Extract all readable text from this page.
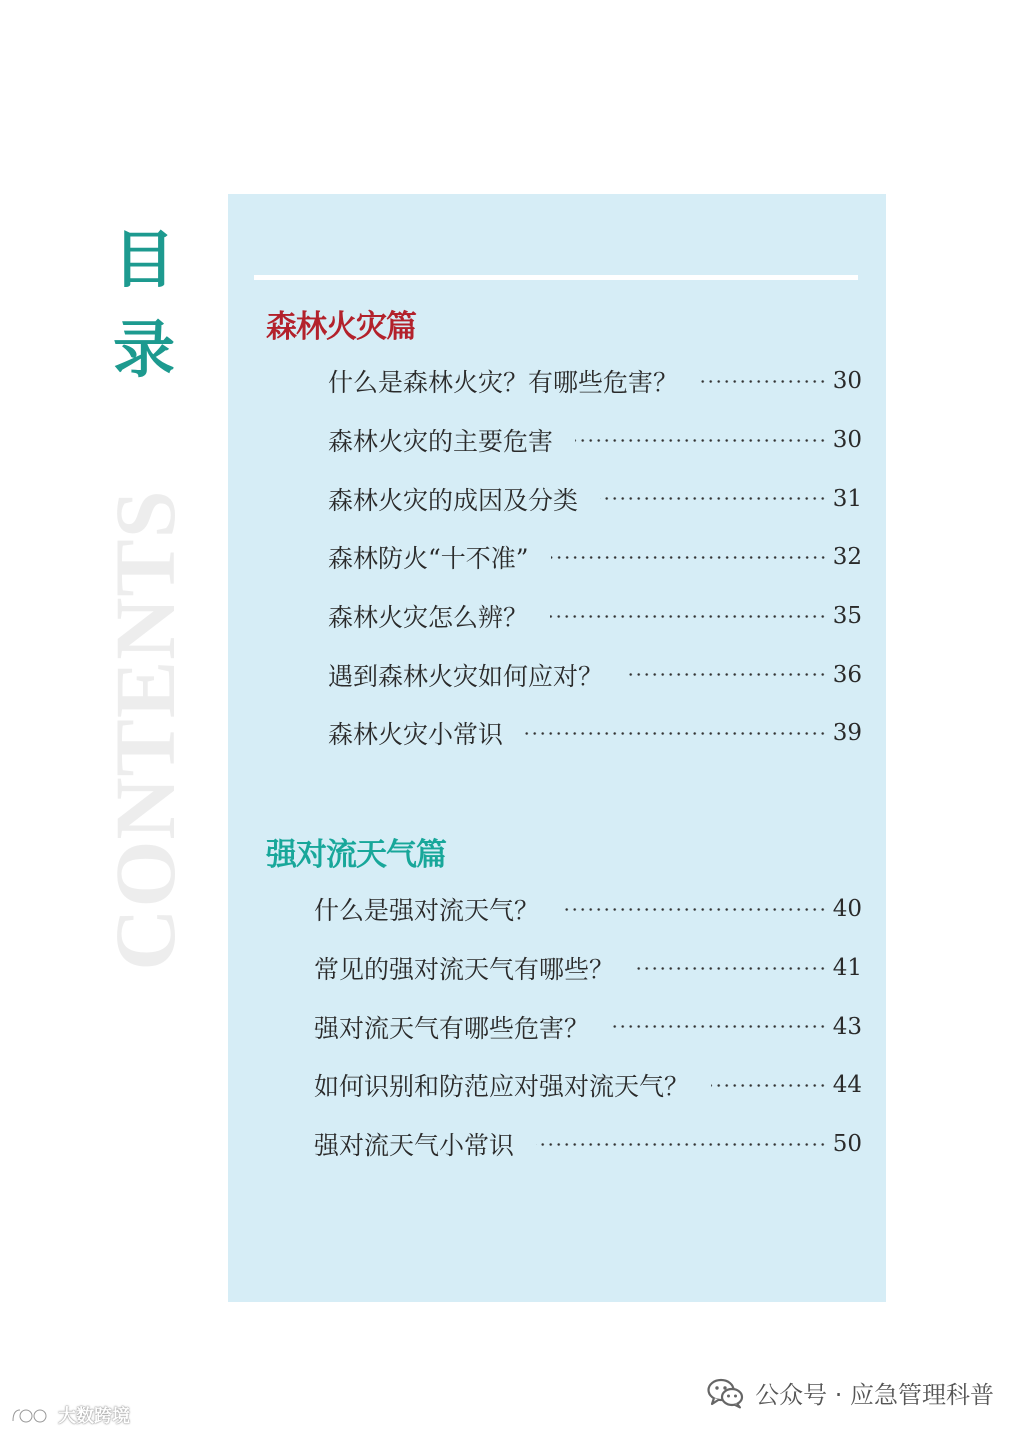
目
录
CONTENTS
森林火灾篇
什么是森林火灾？有哪些危害？	30
森林火灾的主要危害	30
森林火灾的成因及分类	31
森林防火“十不准”	32
森林火灾怎么辨？	35
遇到森林火灾如何应对？	36
森林火灾小常识	39
强对流天气篇
什么是强对流天气？	40
常见的强对流天气有哪些？	41
强对流天气有哪些危害？	43
如何识别和防范应对强对流天气？	44
强对流天气小常识	50
公众号 · 应急管理科普
大数跨境
